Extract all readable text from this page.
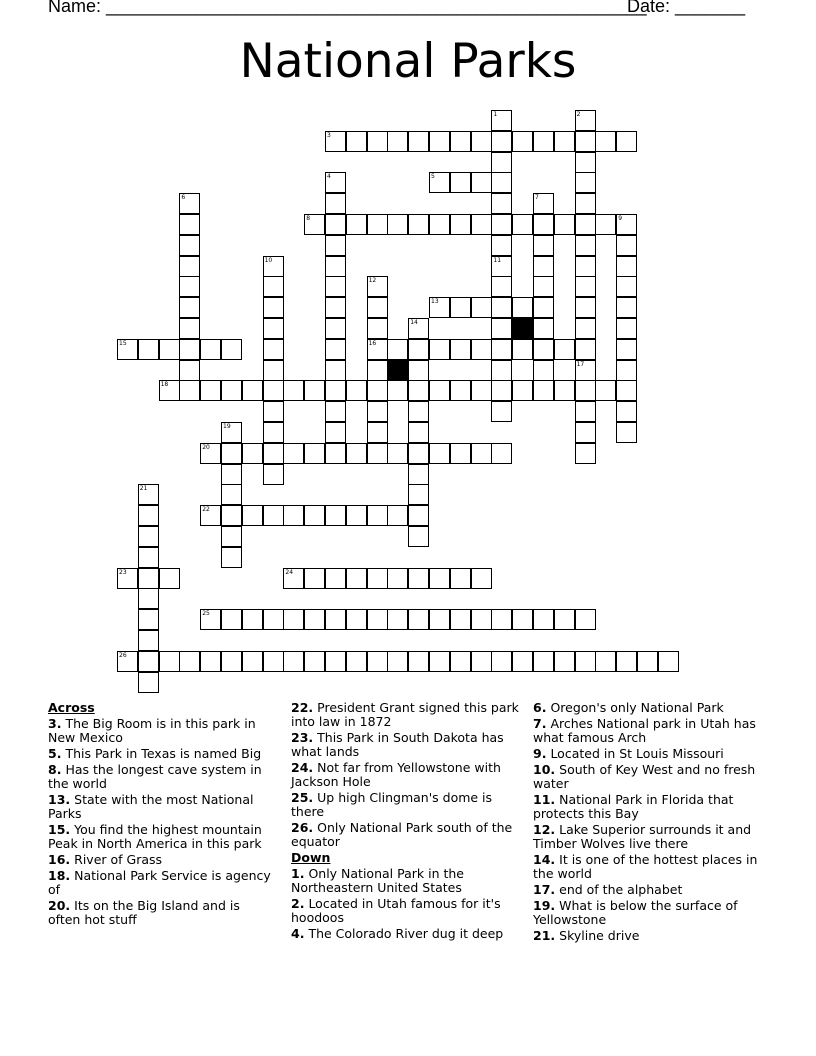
Name: ______________________________________________________
Date: _______
National Parks
1
11
2
17
3
4	5
6	7
8	9
10
12
16
13
14
15
18
19
20
21
22
23	24
25
26
Across
3. The Big Room is in this park in New Mexico
5. This Park in Texas is named Big
8. Has the longest cave system in the world
13. State with the most National Parks
15. You find the highest mountain Peak in North America in this park
16. River of Grass
18. National Park Service is agency of
20. Its on the Big Island and is often hot stuff
22. President Grant signed this park into law in 1872
23. This Park in South Dakota has what lands
24. Not far from Yellowstone with Jackson Hole
25. Up high Clingman's dome is there
26. Only National Park south of the equator
Down
1. Only National Park in the Northeastern United States
2. Located in Utah famous for it's hoodoos
4. The Colorado River dug it deep
6. Oregon's only National Park
7. Arches National park in Utah has what famous Arch
9. Located in St Louis Missouri
10. South of Key West and no fresh water
11. National Park in Florida that protects this Bay
12. Lake Superior surrounds it and Timber Wolves live there
14. It is one of the hottest places in the world
17. end of the alphabet
19. What is below the surface of Yellowstone
21. Skyline drive
